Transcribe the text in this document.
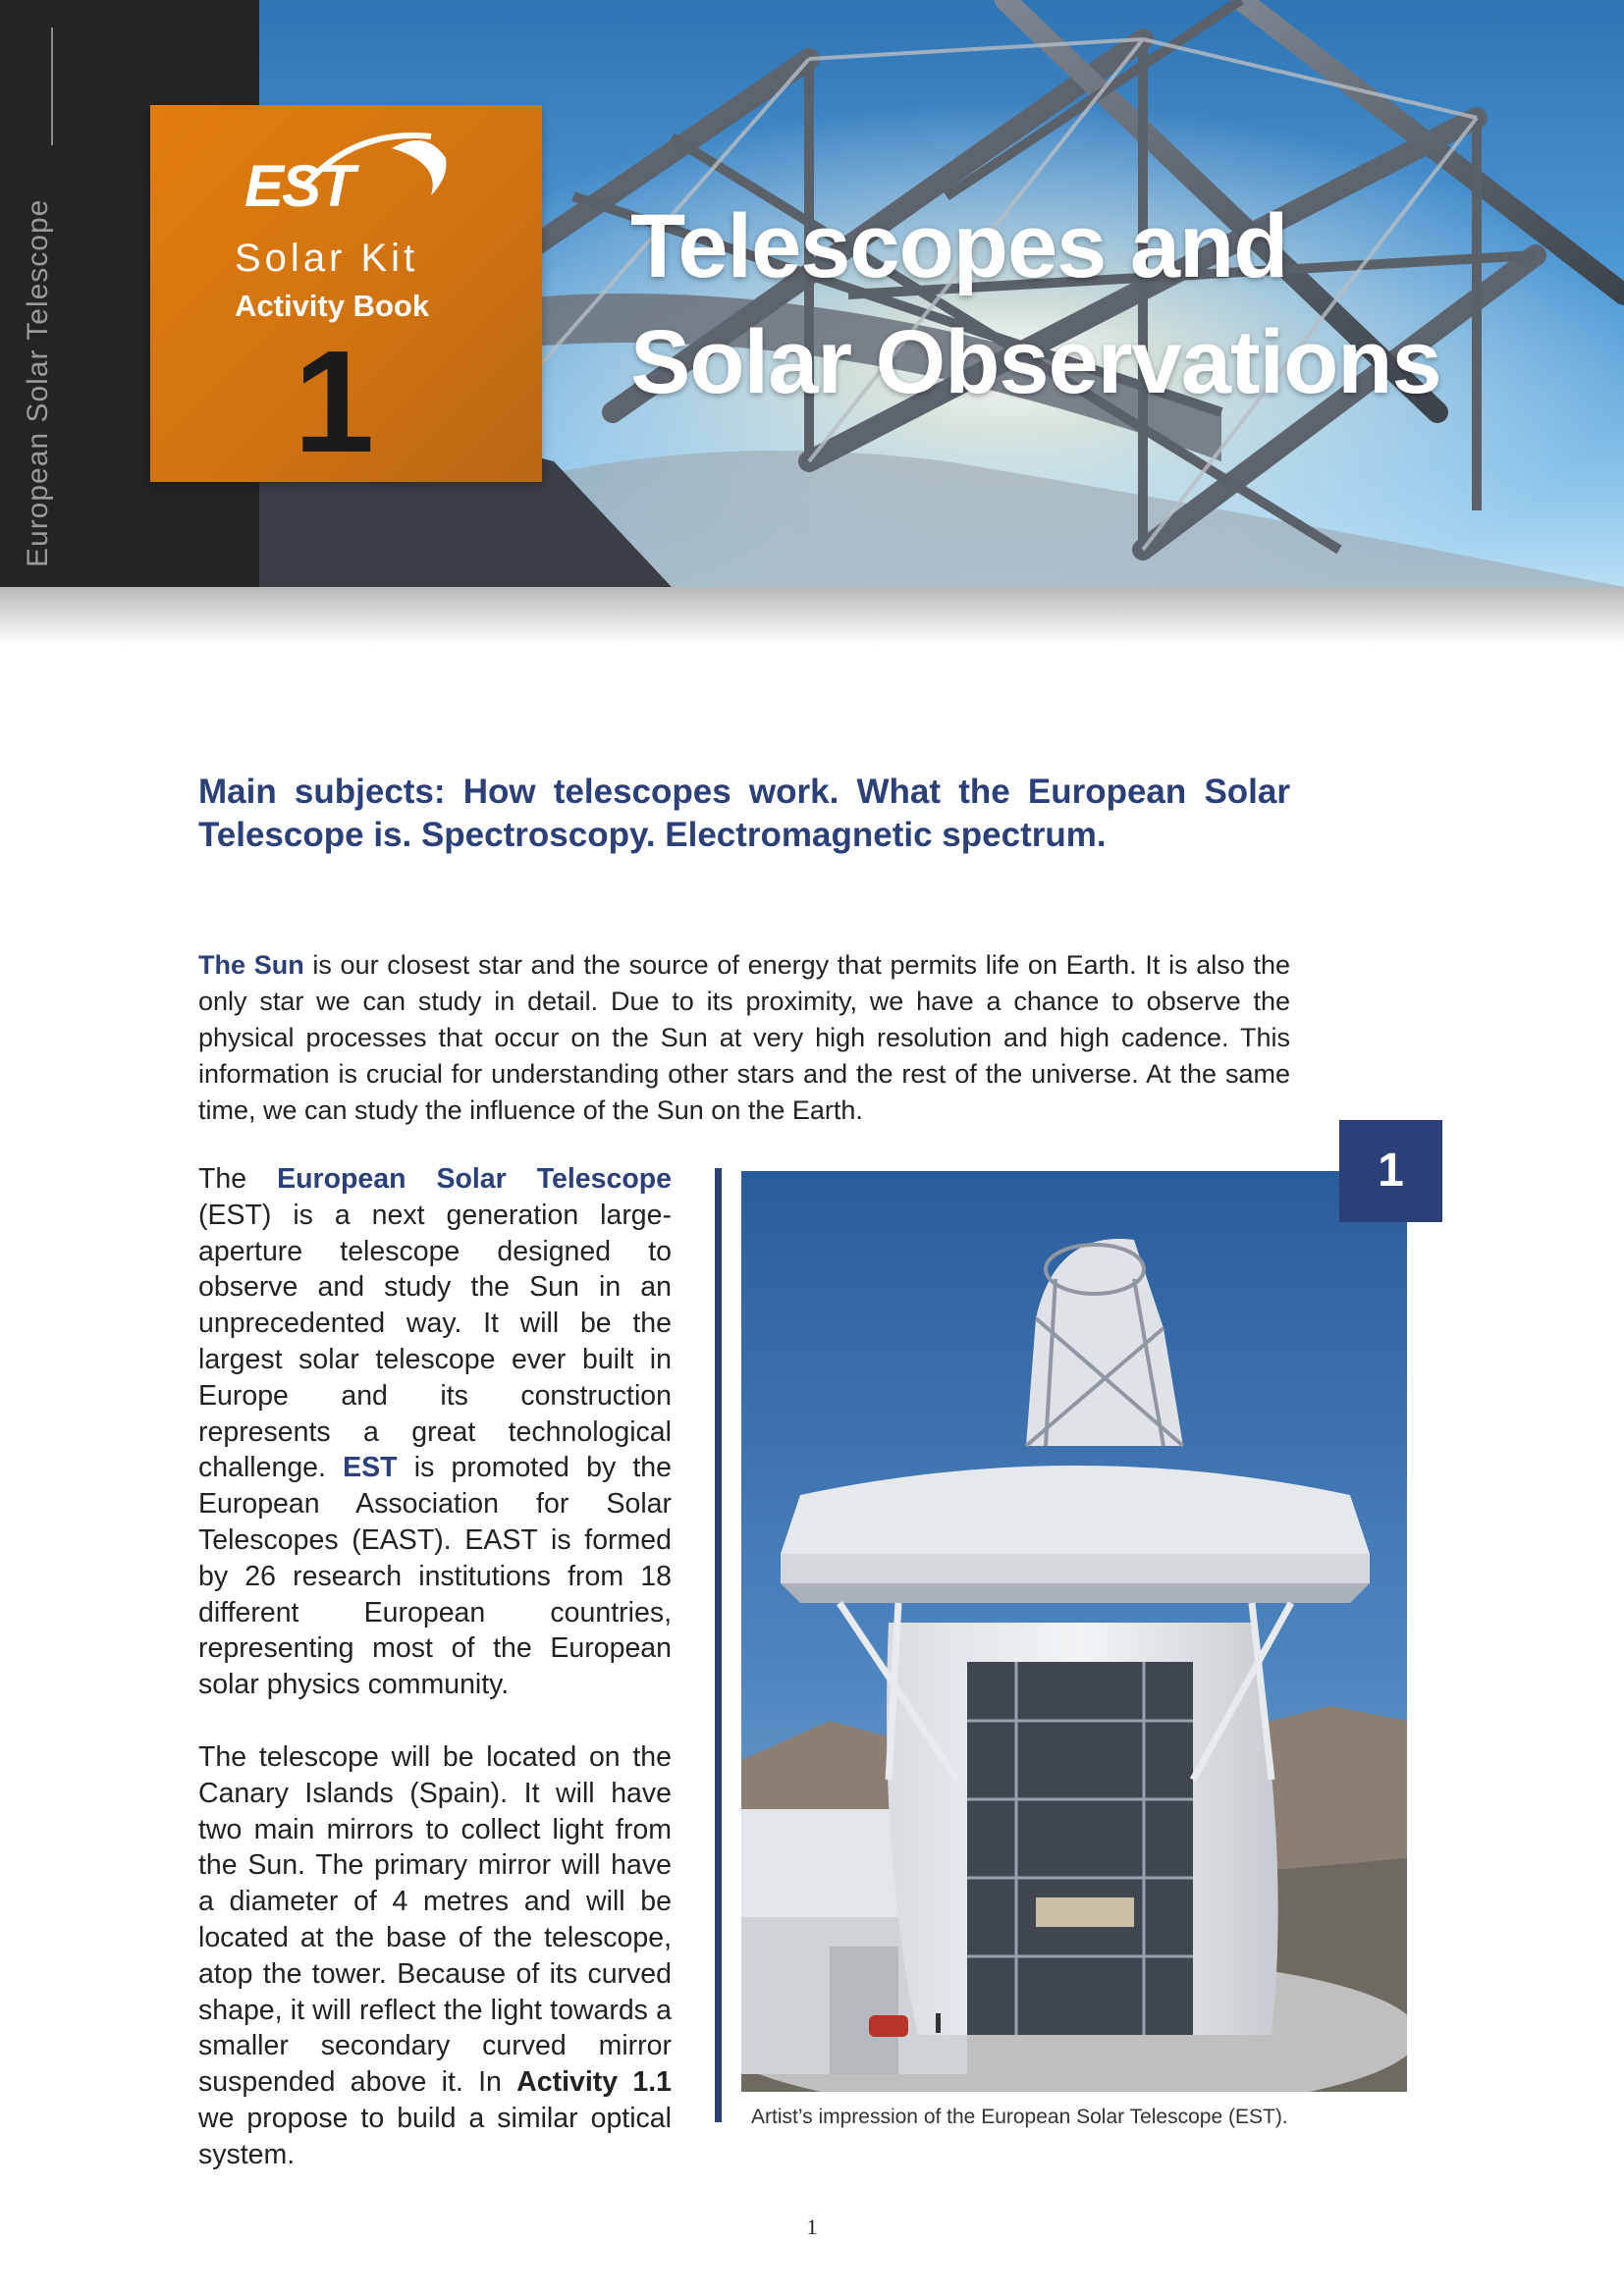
European Solar Telescope
EST
Solar Kit
Activity Book
1
Telescopes and
Solar Observations
Main subjects: How telescopes work. What the European Solar Telescope is. Spectroscopy. Electromagnetic spectrum.
The Sun is our closest star and the source of energy that permits life on Earth. It is also the only star we can study in detail. Due to its proximity, we have a chance to observe the physical processes that occur on the Sun at very high resolution and high cadence. This information is crucial for understanding other stars and the rest of the universe. At the same time, we can study the influence of the Sun on the Earth.

The European Solar Telescope (EST) is a next generation large-aperture telescope designed to observe and study the Sun in an unprecedented way. It will be the largest solar telescope ever built in Europe and its construction represents a great technological challenge. EST is promoted by the European Association for Solar Telescopes (EAST). EAST is formed by 26 research institutions from 18 different European countries, representing most of the European solar physics community.

The telescope will be located on the Canary Islands (Spain). It will have two main mirrors to collect light from the Sun. The primary mirror will have a diameter of 4 metres and will be located at the base of the telescope, atop the tower. Because of its curved shape, it will reflect the light towards a smaller secondary curved mirror suspended above it. In Activity 1.1 we propose to build a similar optical system.

1
Artist’s impression of the European Solar Telescope (EST).
1
